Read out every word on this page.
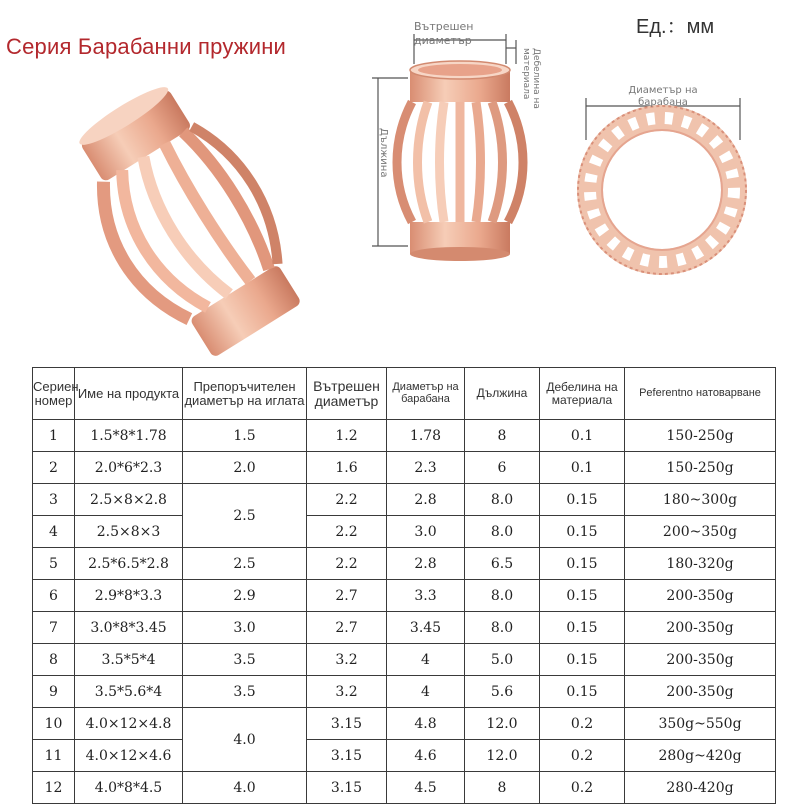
Серия Барабанни пружини
Ед.：мм
Дължина
Вътрешен
диаметър
Дебелина на
материала	Диаметър на
барабана
Сериен номер	Име на продукта	Препоръчителен диаметър на иглата	Вътрешен диаметър	Диаметър на барабана	Дължина	Дебелина на материала	Peferentno натоварване
1	1.5*8*1.78	1.5	1.2	1.78	8	0.1	150-250g
2	2.0*6*2.3	2.0	1.6	2.3	6	0.1	150-250g
3	2.5×8×2.8	2.5	2.2	2.8	8.0	0.15	180~300g
4	2.5×8×3		2.2	3.0	8.0	0.15	200~350g
5	2.5*6.5*2.8	2.5	2.2	2.8	6.5	0.15	180-320g
6	2.9*8*3.3	2.9	2.7	3.3	8.0	0.15	200-350g
7	3.0*8*3.45	3.0	2.7	3.45	8.0	0.15	200-350g
8	3.5*5*4	3.5	3.2	4	5.0	0.15	200-350g
9	3.5*5.6*4	3.5	3.2	4	5.6	0.15	200-350g
10	4.0×12×4.8	4.0	3.15	4.8	12.0	0.2	350g~550g
11	4.0×12×4.6		3.15	4.6	12.0	0.2	280g~420g
12	4.0*8*4.5	4.0	3.15	4.5	8	0.2	280-420g
